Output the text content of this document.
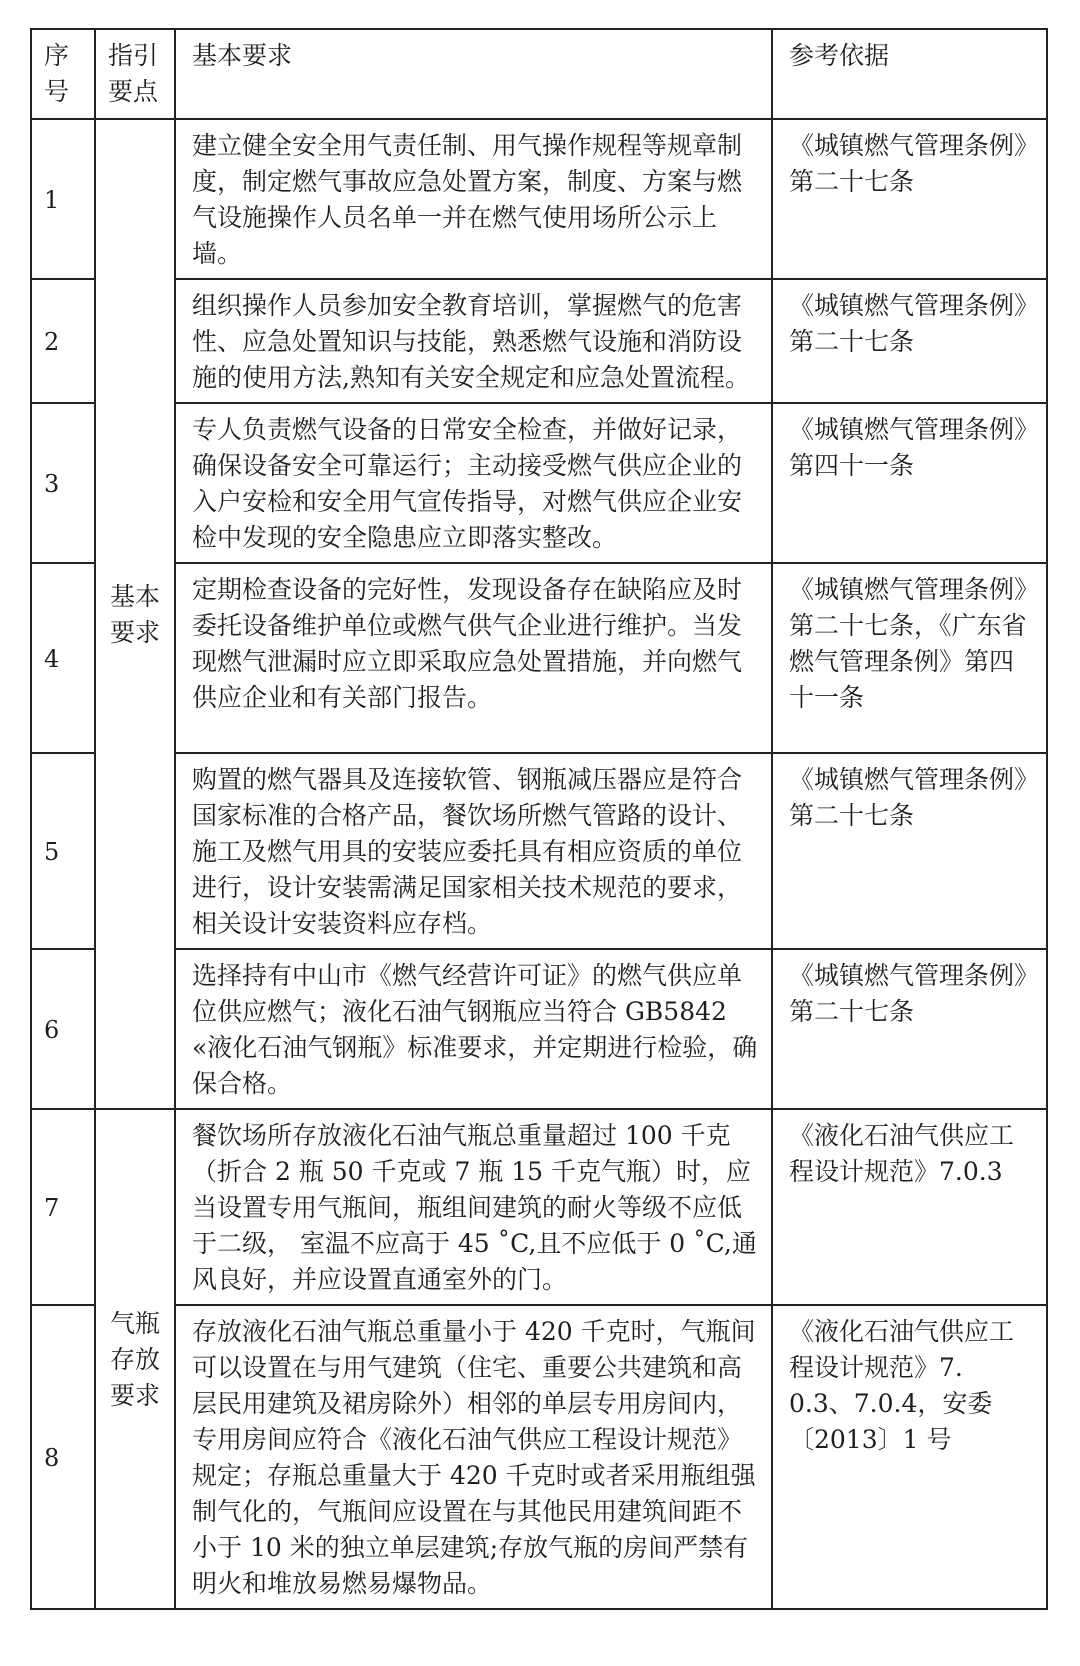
序号	指引要点	基本要求	参考依据
1	基本要求	建立健全安全用气责任制、用气操作规程等规章制度，制定燃气事故应急处置方案，制度、方案与燃气设施操作人员名单一并在燃气使用场所公示上墙。	《城镇燃气管理条例》第二十七条
2		组织操作人员参加安全教育培训，掌握燃气的危害性、应急处置知识与技能，熟悉燃气设施和消防设施的使用方法,熟知有关安全规定和应急处置流程。	《城镇燃气管理条例》第二十七条
3		专人负责燃气设备的日常安全检查，并做好记录，确保设备安全可靠运行；主动接受燃气供应企业的入户安检和安全用气宣传指导，对燃气供应企业安检中发现的安全隐患应立即落实整改。	《城镇燃气管理条例》第四十一条
4		定期检查设备的完好性，发现设备存在缺陷应及时委托设备维护单位或燃气供气企业进行维护。当发现燃气泄漏时应立即采取应急处置措施，并向燃气供应企业和有关部门报告。	《城镇燃气管理条例》第二十七条，《广东省燃气管理条例》第四十一条
5		购置的燃气器具及连接软管、钢瓶减压器应是符合国家标准的合格产品，餐饮场所燃气管路的设计、施工及燃气用具的安装应委托具有相应资质的单位进行，设计安装需满足国家相关技术规范的要求，相关设计安装资料应存档。	《城镇燃气管理条例》第二十七条
6		选择持有中山市《燃气经营许可证》的燃气供应单位供应燃气；液化石油气钢瓶应当符合 GB5842 «液化石油气钢瓶》标准要求，并定期进行检验，确保合格。	《城镇燃气管理条例》第二十七条
7	气瓶存放要求	餐饮场所存放液化石油气瓶总重量超过 100 千克（折合 2 瓶 50 千克或 7 瓶 15 千克气瓶）时，应当设置专用气瓶间，瓶组间建筑的耐火等级不应低于二级， 室温不应高于 45 ˚C,且不应低于 0 ˚C,通风良好，并应设置直通室外的门。	《液化石油气供应工程设计规范》7.0.3
8		存放液化石油气瓶总重量小于 420 千克时，气瓶间可以设置在与用气建筑（住宅、重要公共建筑和高层民用建筑及裙房除外）相邻的单层专用房间内，专用房间应符合《液化石油气供应工程设计规范》规定；存瓶总重量大于 420 千克时或者采用瓶组强制气化的，气瓶间应设置在与其他民用建筑间距不小于 10 米的独立单层建筑;存放气瓶的房间严禁有明火和堆放易燃易爆物品。	《液化石油气供应工程设计规范》7. 0.3、7.0.4，安委〔2013〕1 号
